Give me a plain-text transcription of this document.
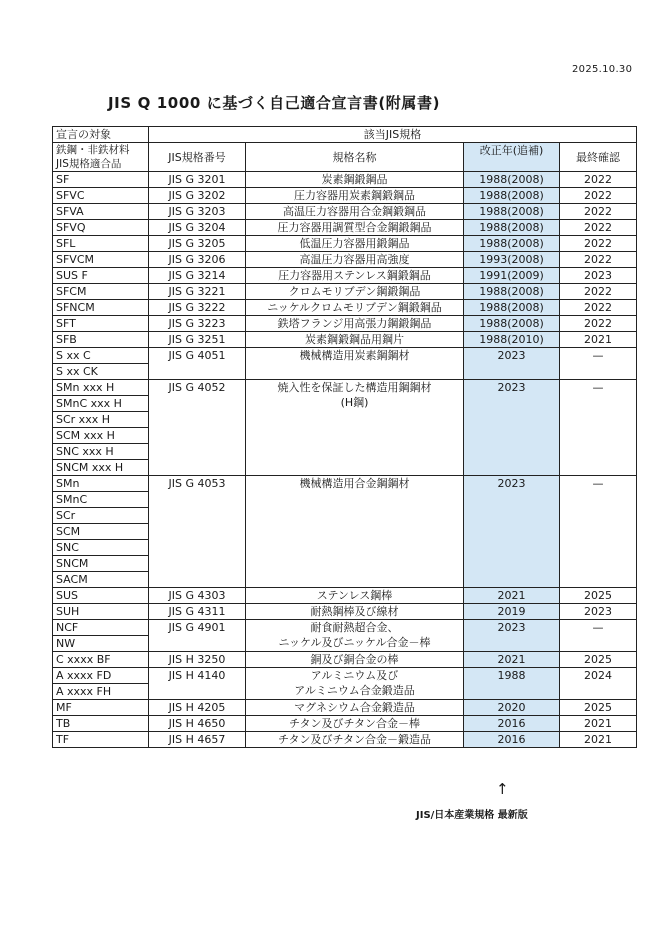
2025.10.30
JIS Q 1000 に基づく自己適合宣言書(附属書)
宣言の対象	該当JIS規格			
鉄鋼・非鉄材料
JIS規格適合品	JIS規格番号	規格名称	改正年(追補)	最終確認
SF	JIS G 3201	炭素鋼鍛鋼品	1988(2008)	2022
SFVC	JIS G 3202	圧力容器用炭素鋼鍛鋼品	1988(2008)	2022
SFVA	JIS G 3203	高温圧力容器用合金鋼鍛鋼品	1988(2008)	2022
SFVQ	JIS G 3204	圧力容器用調質型合金鋼鍛鋼品	1988(2008)	2022
SFL	JIS G 3205	低温圧力容器用鍛鋼品	1988(2008)	2022
SFVCM	JIS G 3206	高温圧力容器用高強度	1993(2008)	2022
SUS F	JIS G 3214	圧力容器用ステンレス鋼鍛鋼品	1991(2009)	2023
SFCM	JIS G 3221	クロムモリブデン鋼鍛鋼品	1988(2008)	2022
SFNCM	JIS G 3222	ニッケルクロムモリブデン鋼鍛鋼品	1988(2008)	2022
SFT	JIS G 3223	鉄塔フランジ用高張力鋼鍛鋼品	1988(2008)	2022
SFB	JIS G 3251	炭素鋼鍛鋼品用鋼片	1988(2010)	2021
S xx C	JIS G 4051	機械構造用炭素鋼鋼材	2023	—
S xx CK				
SMn xxx H	JIS G 4052	焼入性を保証した構造用鋼鋼材
(H鋼)	2023	—
SMnC xxx H				
SCr xxx H				
SCM xxx H				
SNC xxx H				
SNCM xxx H				
SMn	JIS G 4053	機械構造用合金鋼鋼材	2023	—
SMnC				
SCr				
SCM				
SNC				
SNCM				
SACM				
SUS	JIS G 4303	ステンレス鋼棒	2021	2025
SUH	JIS G 4311	耐熱鋼棒及び線材	2019	2023
NCF	JIS G 4901	耐食耐熱超合金、
ニッケル及びニッケル合金－棒	2023	—
NW				
C xxxx BF	JIS H 3250	銅及び銅合金の棒	2021	2025
A xxxx FD	JIS H 4140	アルミニウム及び
アルミニウム合金鍛造品	1988	2024
A xxxx FH				
MF	JIS H 4205	マグネシウム合金鍛造品	2020	2025
TB	JIS H 4650	チタン及びチタン合金－棒	2016	2021
TF	JIS H 4657	チタン及びチタン合金－鍛造品	2016	2021
↑
JIS/日本産業規格 最新版
